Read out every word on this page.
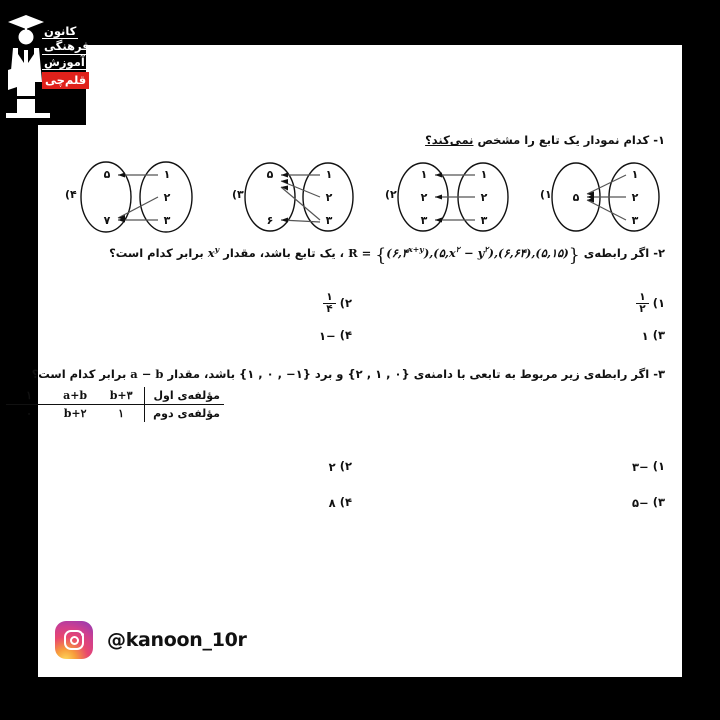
۱- کدام نمودار یک تابع را مشخص نمی‌کند؟
۱
۲
۳
۵
۱)
۱
۲
۳
۱
۲
۳
۲)
۱
۲
۳
۵
۶
۳)
۱
۲
۳
۵
۷
۴)
۲- اگر رابطه‌ی $R = \{(۶,۴^{x+y}),(۵,x^۲$ − $y^۲),(۶,۶۴),(۵,۱۵)$} ، یک تابع باشد، مقدار $x^y$ برابر کدام است؟
۱)
$\frac{۱}{۲}$
۲)
$\frac{۱}{۴}$
۳) ۱
۴) −۱
۳- اگر رابطه‌ی زیر مربوط به تابعی با دامنه‌ی {۰ , ۱ , ۲} و برد {۱− , ۰ , ۱} باشد، مقدار a − b برابر کدام است؟
مؤلفه‌ی اول	b+۳	a+b	۱
مؤلفه‌ی دوم	۱	b+۲	۰
۱) −۳
۲) ۲
۳) −۵
۴) ۸
@kanoon_10r
کانون
فرهنگی
آموزش
قلم‌چی
